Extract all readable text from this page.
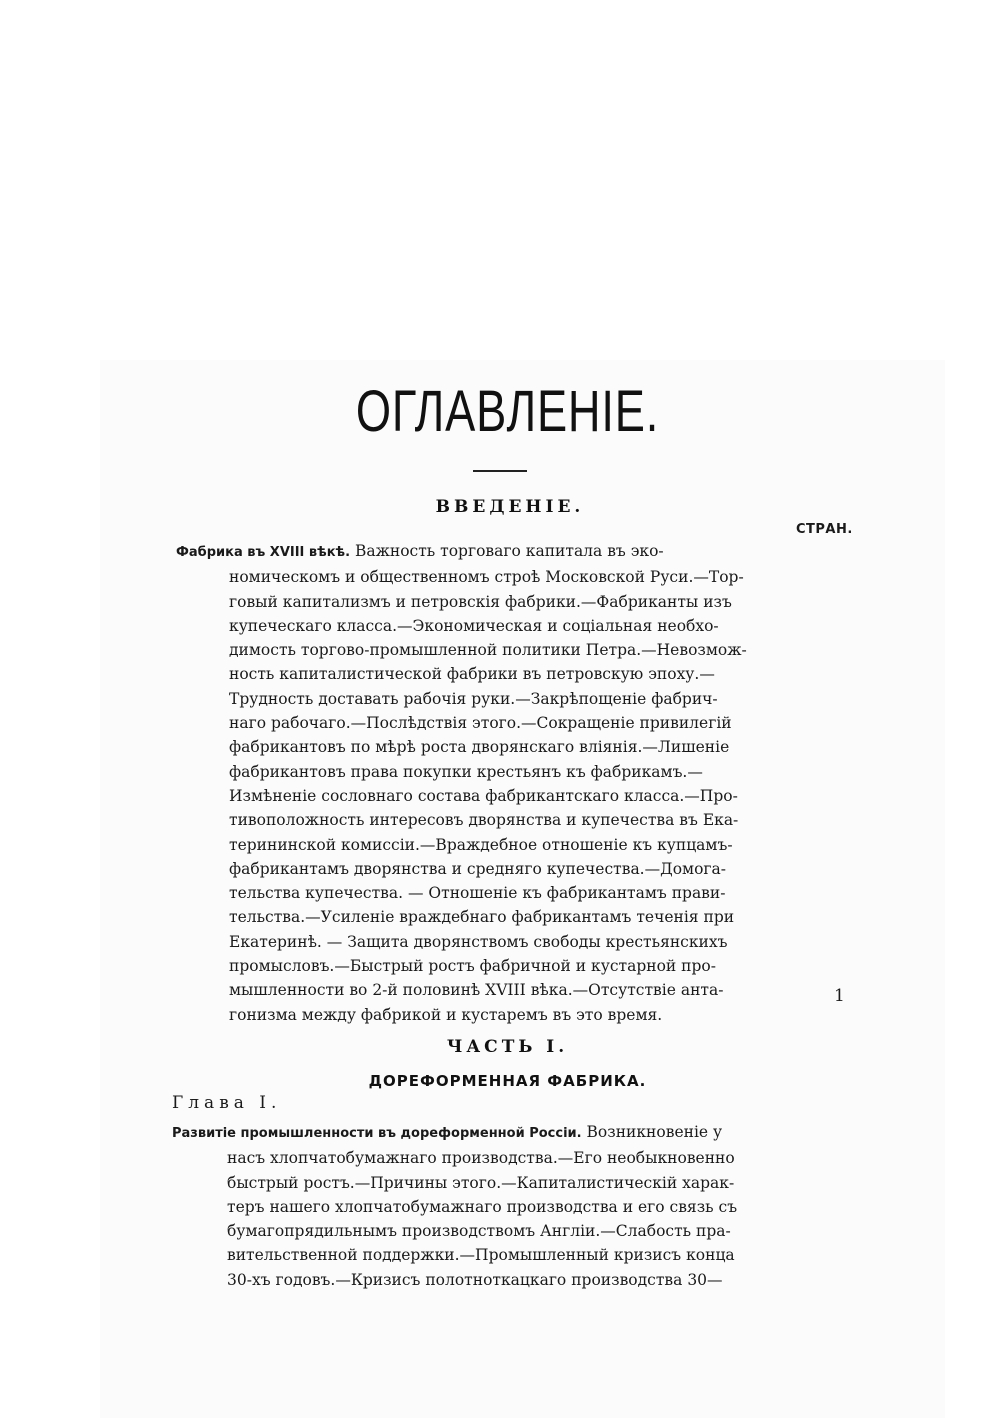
ОГЛАВЛЕНІЕ.
ВВЕДЕНІЕ.
СТРАН.
Фабрика въ XVIII вѣкѣ. Важность торговаго капитала въ эко-
номическомъ и общественномъ строѣ Московской Руси.—Тор-
говый капитализмъ и петровскія фабрики.—Фабриканты изъ
купеческаго класса.—Экономическая и соціальная необхо-
димость торгово-промышленной политики Петра.—Невозмож-
ность капиталистической фабрики въ петровскую эпоху.—
Трудность доставать рабочія руки.—Закрѣпощеніе фабрич-
наго рабочаго.—Послѣдствія этого.—Сокращеніе привилегій
фабрикантовъ по мѣрѣ роста дворянскаго вліянія.—Лишеніе
фабрикантовъ права покупки крестьянъ къ фабрикамъ.—
Измѣненіе сословнаго состава фабрикантскаго класса.—Про-
тивоположность интересовъ дворянства и купечества въ Ека-
терининской комиссіи.—Враждебное отношеніе къ купцамъ-
фабрикантамъ дворянства и средняго купечества.—Домога-
тельства купечества. — Отношеніе къ фабрикантамъ прави-
тельства.—Усиленіе враждебнаго фабрикантамъ теченія при
Екатеринѣ. — Защита дворянствомъ свободы крестьянскихъ
промысловъ.—Быстрый ростъ фабричной и кустарной про-
мышленности во 2-й половинѣ XVIII вѣка.—Отсутствіе анта-
гонизма между фабрикой и кустаремъ въ это время.
1
ЧАСТЬ I.
ДОРЕФОРМЕННАЯ ФАБРИКА.
Глава I.
Развитіе промышленности въ дореформенной Россіи. Возникновеніе у
насъ хлопчатобумажнаго производства.—Его необыкновенно
быстрый ростъ.—Причины этого.—Капиталистическій харак-
теръ нашего хлопчатобумажнаго производства и его связь съ
бумагопрядильнымъ производствомъ Англіи.—Слабость пра-
вительственной поддержки.—Промышленный кризисъ конца
30-хъ годовъ.—Кризисъ полотноткацкаго производства 30—
